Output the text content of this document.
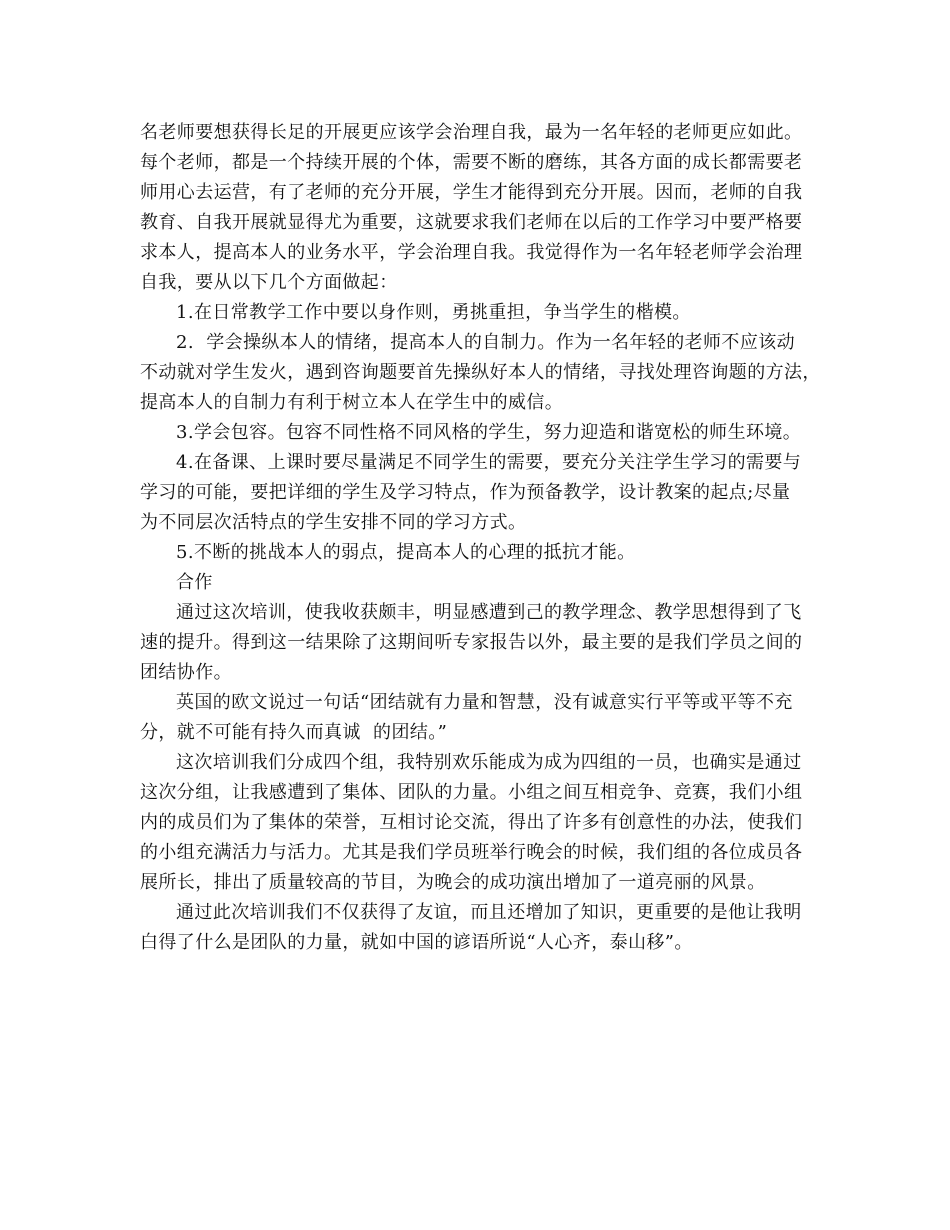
名老师要想获得长足的开展更应该学会治理自我，最为一名年轻的老师更应如此。
每个老师，都是一个持续开展的个体，需要不断的磨练，其各方面的成长都需要老
师用心去运营，有了老师的充分开展，学生才能得到充分开展。因而，老师的自我
教育、自我开展就显得尤为重要，这就要求我们老师在以后的工作学习中要严格要
求本人，提高本人的业务水平，学会治理自我。我觉得作为一名年轻老师学会治理
自我，要从以下几个方面做起：
1.在日常教学工作中要以身作则，勇挑重担，争当学生的楷模。
2.  学会操纵本人的情绪，提高本人的自制力。作为一名年轻的老师不应该动
不动就对学生发火，遇到咨询题要首先操纵好本人的情绪，寻找处理咨询题的方法，
提高本人的自制力有利于树立本人在学生中的威信。
3.学会包容。包容不同性格不同风格的学生，努力迎造和谐宽松的师生环境。
4.在备课、上课时要尽量满足不同学生的需要，要充分关注学生学习的需要与
学习的可能，要把详细的学生及学习特点，作为预备教学，设计教案的起点;尽量
为不同层次活特点的学生安排不同的学习方式。
5.不断的挑战本人的弱点，提高本人的心理的抵抗才能。
合作
通过这次培训，使我收获颇丰，明显感遭到己的教学理念、教学思想得到了飞
速的提升。得到这一结果除了这期间听专家报告以外，最主要的是我们学员之间的
团结协作。
英国的欧文说过一句话“团结就有力量和智慧，没有诚意实行平等或平等不充
分，就不可能有持久而真诚  的团结。”
这次培训我们分成四个组，我特别欢乐能成为成为四组的一员，也确实是通过
这次分组，让我感遭到了集体、团队的力量。小组之间互相竞争、竞赛，我们小组
内的成员们为了集体的荣誉，互相讨论交流，得出了许多有创意性的办法，使我们
的小组充满活力与活力。尤其是我们学员班举行晚会的时候，我们组的各位成员各
展所长，排出了质量较高的节目，为晚会的成功演出增加了一道亮丽的风景。
通过此次培训我们不仅获得了友谊，而且还增加了知识，更重要的是他让我明
白得了什么是团队的力量，就如中国的谚语所说“人心齐，泰山移”。
